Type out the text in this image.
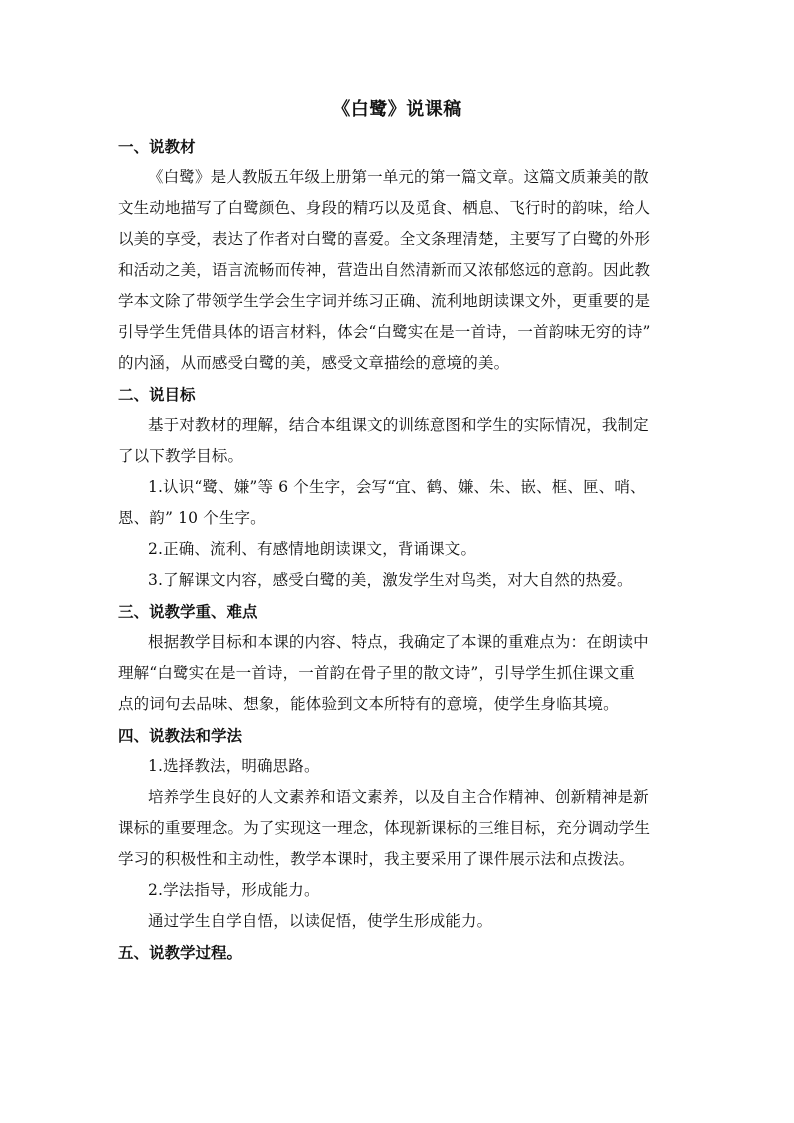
《白鹭》说课稿
一、说教材
《白鹭》是人教版五年级上册第一单元的第一篇文章。这篇文质兼美的散
文生动地描写了白鹭颜色、身段的精巧以及觅食、栖息、飞行时的韵味，给人
以美的享受，表达了作者对白鹭的喜爱。全文条理清楚，主要写了白鹭的外形
和活动之美，语言流畅而传神，营造出自然清新而又浓郁悠远的意韵。因此教
学本文除了带领学生学会生字词并练习正确、流利地朗读课文外，更重要的是
引导学生凭借具体的语言材料，体会“白鹭实在是一首诗，一首韵味无穷的诗”
的内涵，从而感受白鹭的美，感受文章描绘的意境的美。
二、说目标
基于对教材的理解，结合本组课文的训练意图和学生的实际情况，我制定
了以下教学目标。
1.认识“鹭、嫌”等 6 个生字，会写“宜、鹤、嫌、朱、嵌、框、匣、哨、
恩、韵” 10 个生字。
2.正确、流利、有感情地朗读课文，背诵课文。
3.了解课文内容，感受白鹭的美，激发学生对鸟类，对大自然的热爱。
三、说教学重、难点
根据教学目标和本课的内容、特点，我确定了本课的重难点为：在朗读中
理解“白鹭实在是一首诗，一首韵在骨子里的散文诗”，引导学生抓住课文重
点的词句去品味、想象，能体验到文本所特有的意境，使学生身临其境。
四、说教法和学法
1.选择教法，明确思路。
培养学生良好的人文素养和语文素养，以及自主合作精神、创新精神是新
课标的重要理念。为了实现这一理念，体现新课标的三维目标，充分调动学生
学习的积极性和主动性，教学本课时，我主要采用了课件展示法和点拨法。
2.学法指导，形成能力。
通过学生自学自悟，以读促悟，使学生形成能力。
五、说教学过程。
